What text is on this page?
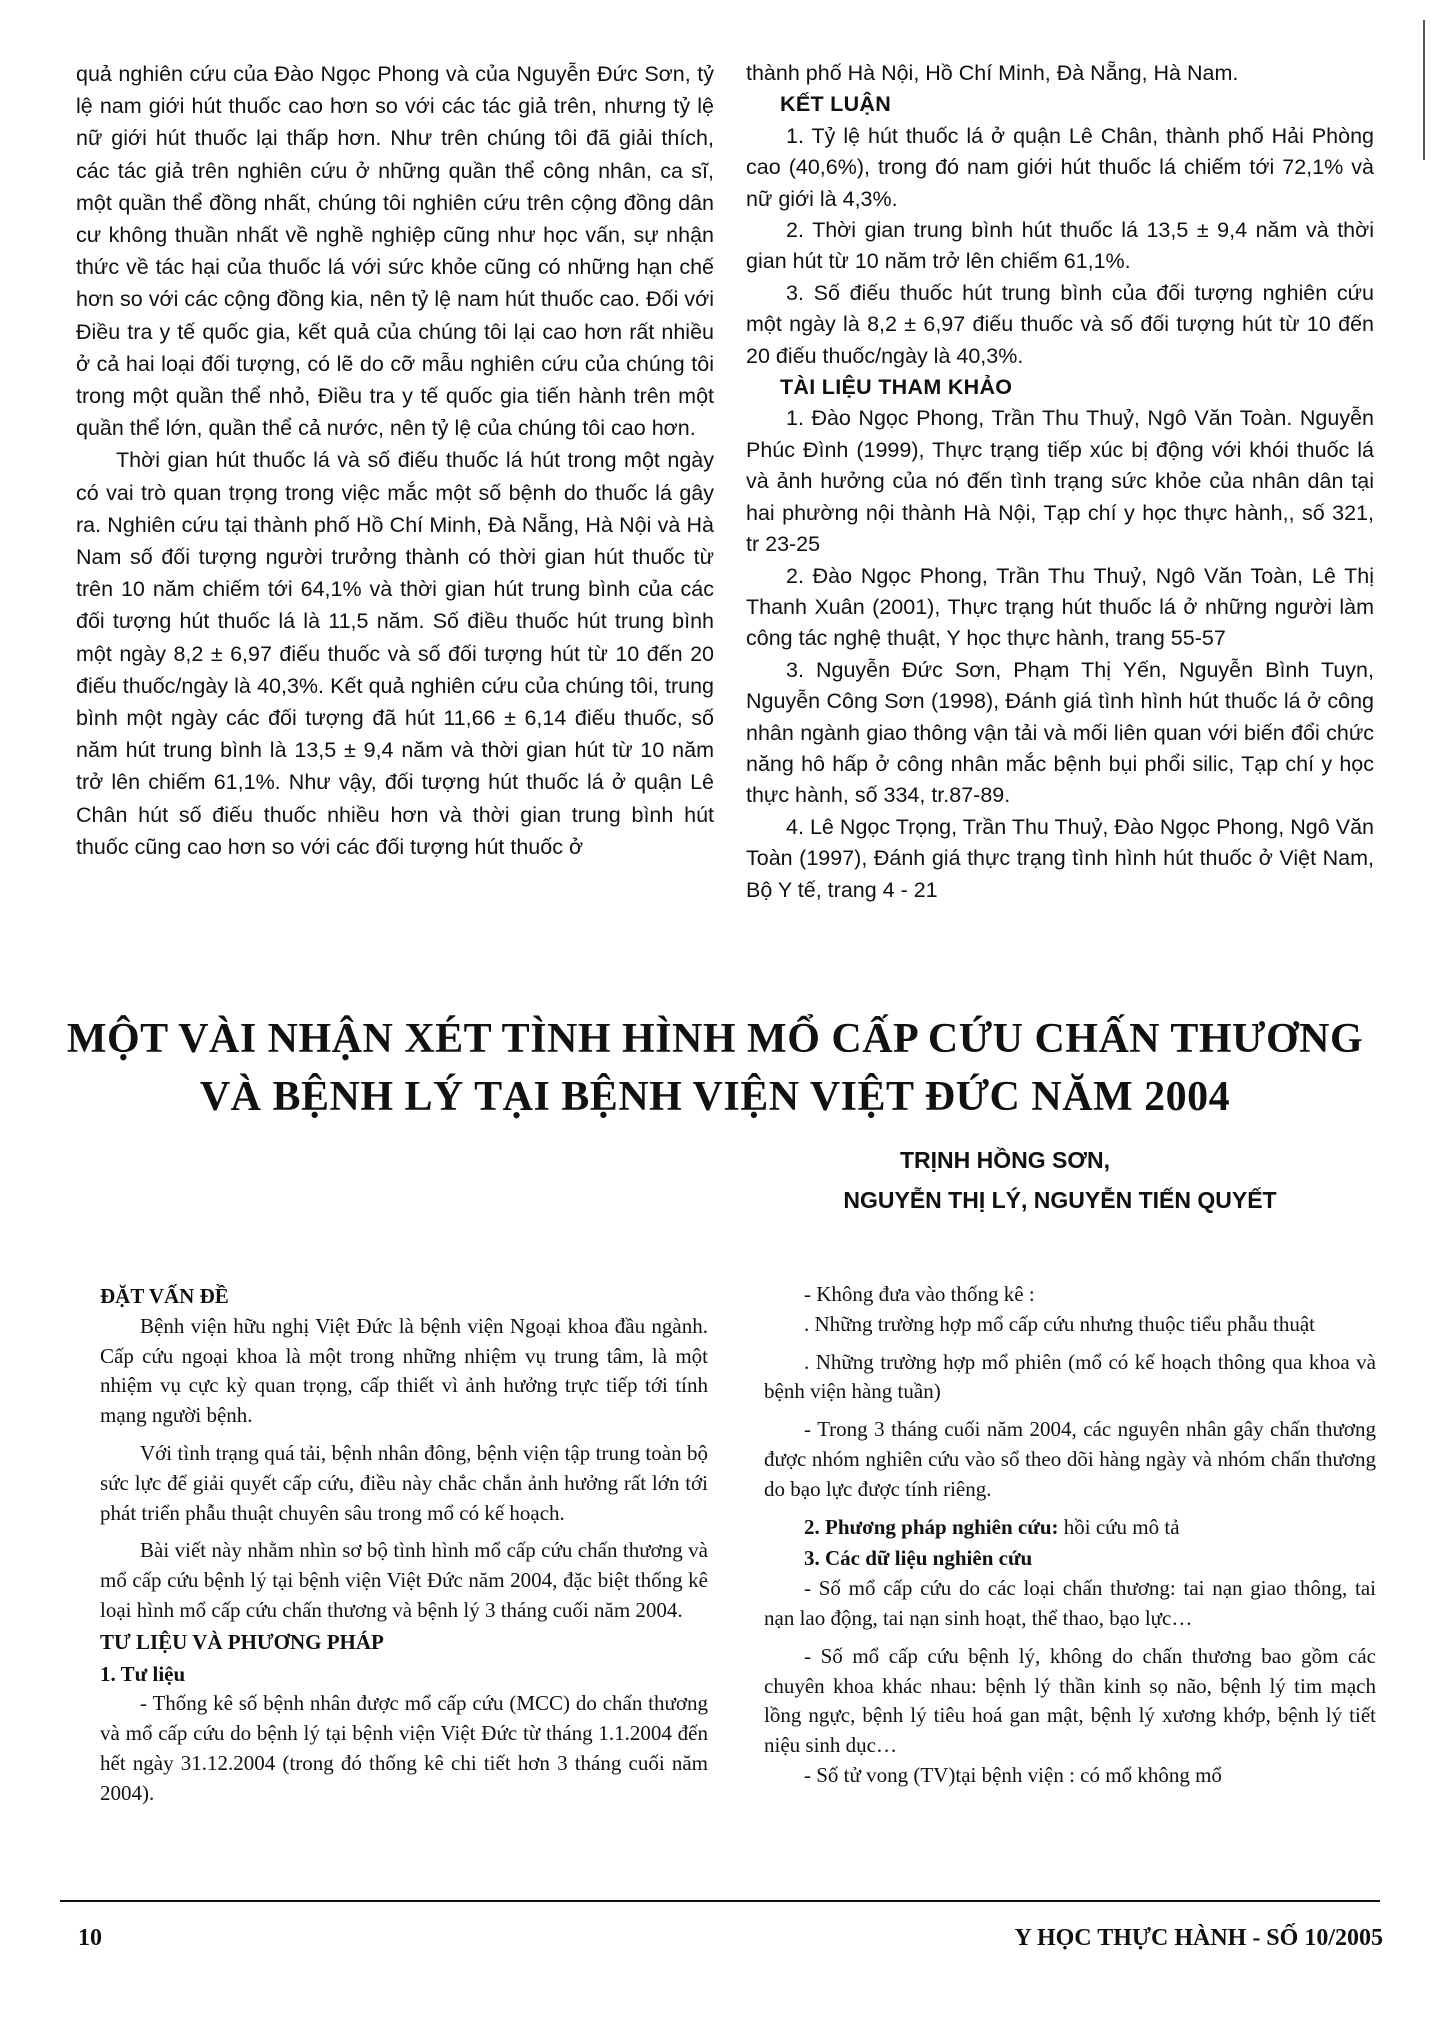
quả nghiên cứu của Đào Ngọc Phong và của Nguyễn Đức Sơn, tỷ lệ nam giới hút thuốc cao hơn so với các tác giả trên, nhưng tỷ lệ nữ giới hút thuốc lại thấp hơn. Như trên chúng tôi đã giải thích, các tác giả trên nghiên cứu ở những quần thể công nhân, ca sĩ, một quần thể đồng nhất, chúng tôi nghiên cứu trên cộng đồng dân cư không thuần nhất về nghề nghiệp cũng như học vấn, sự nhận thức về tác hại của thuốc lá với sức khỏe cũng có những hạn chế hơn so với các cộng đồng kia, nên tỷ lệ nam hút thuốc cao. Đối với Điều tra y tế quốc gia, kết quả của chúng tôi lại cao hơn rất nhiều ở cả hai loại đối tượng, có lẽ do cỡ mẫu nghiên cứu của chúng tôi trong một quần thể nhỏ, Điều tra y tế quốc gia tiến hành trên một quần thể lớn, quần thể cả nước, nên tỷ lệ của chúng tôi cao hơn.

Thời gian hút thuốc lá và số điếu thuốc lá hút trong một ngày có vai trò quan trọng trong việc mắc một số bệnh do thuốc lá gây ra. Nghiên cứu tại thành phố Hồ Chí Minh, Đà Nẵng, Hà Nội và Hà Nam số đối tượng người trưởng thành có thời gian hút thuốc từ trên 10 năm chiếm tới 64,1% và thời gian hút trung bình của các đối tượng hút thuốc lá là 11,5 năm. Số điều thuốc hút trung bình một ngày 8,2 ± 6,97 điếu thuốc và số đối tượng hút từ 10 đến 20 điếu thuốc/ngày là 40,3%. Kết quả nghiên cứu của chúng tôi, trung bình một ngày các đối tượng đã hút 11,66 ± 6,14 điếu thuốc, số năm hút trung bình là 13,5 ± 9,4 năm và thời gian hút từ 10 năm trở lên chiếm 61,1%. Như vậy, đối tượng hút thuốc lá ở quận Lê Chân hút số điếu thuốc nhiều hơn và thời gian trung bình hút thuốc cũng cao hơn so với các đối tượng hút thuốc ở

thành phố Hà Nội, Hồ Chí Minh, Đà Nẵng, Hà Nam.

KẾT LUẬN

1. Tỷ lệ hút thuốc lá ở quận Lê Chân, thành phố Hải Phòng cao (40,6%), trong đó nam giới hút thuốc lá chiếm tới 72,1% và nữ giới là 4,3%.

2. Thời gian trung bình hút thuốc lá 13,5 ± 9,4 năm và thời gian hút từ 10 năm trở lên chiếm 61,1%.

3. Số điếu thuốc hút trung bình của đối tượng nghiên cứu một ngày là 8,2 ± 6,97 điếu thuốc và số đối tượng hút từ 10 đến 20 điếu thuốc/ngày là 40,3%.

TÀI LIỆU THAM KHẢO

1. Đào Ngọc Phong, Trần Thu Thuỷ, Ngô Văn Toàn. Nguyễn Phúc Đình (1999), Thực trạng tiếp xúc bị động với khói thuốc lá và ảnh hưởng của nó đến tình trạng sức khỏe của nhân dân tại hai phường nội thành Hà Nội, Tạp chí y học thực hành,, số 321, tr 23-25

2. Đào Ngọc Phong, Trần Thu Thuỷ, Ngô Văn Toàn, Lê Thị Thanh Xuân (2001), Thực trạng hút thuốc lá ở những người làm công tác nghệ thuật, Y học thực hành, trang 55-57

3. Nguyễn Đức Sơn, Phạm Thị Yến, Nguyễn Bình Tuyn, Nguyễn Công Sơn (1998), Đánh giá tình hình hút thuốc lá ở công nhân ngành giao thông vận tải và mối liên quan với biến đổi chức năng hô hấp ở công nhân mắc bệnh bụi phổi silic, Tạp chí y học thực hành, số 334, tr.87-89.

4. Lê Ngọc Trọng, Trần Thu Thuỷ, Đào Ngọc Phong, Ngô Văn Toàn (1997), Đánh giá thực trạng tình hình hút thuốc ở Việt Nam, Bộ Y tế, trang 4 - 21

MỘT VÀI NHẬN XÉT TÌNH HÌNH MỔ CẤP CỨU CHẤN THƯƠNG
VÀ BỆNH LÝ TẠI BỆNH VIỆN VIỆT ĐỨC NĂM 2004
TRỊNH HỒNG SƠN,
NGUYỄN THỊ LÝ, NGUYỄN TIẾN QUYẾT

ĐẶT VẤN ĐỀ

Bệnh viện hữu nghị Việt Đức là bệnh viện Ngoại khoa đầu ngành. Cấp cứu ngoại khoa là một trong những nhiệm vụ trung tâm, là một nhiệm vụ cực kỳ quan trọng, cấp thiết vì ảnh hưởng trực tiếp tới tính mạng người bệnh.

Với tình trạng quá tải, bệnh nhân đông, bệnh viện tập trung toàn bộ sức lực để giải quyết cấp cứu, điều này chắc chắn ảnh hưởng rất lớn tới phát triển phẫu thuật chuyên sâu trong mổ có kế hoạch.

Bài viết này nhằm nhìn sơ bộ tình hình mổ cấp cứu chấn thương và mổ cấp cứu bệnh lý tại bệnh viện Việt Đức năm 2004, đặc biệt thống kê loại hình mổ cấp cứu chấn thương và bệnh lý 3 tháng cuối năm 2004.

TƯ LIỆU VÀ PHƯƠNG PHÁP

1. Tư liệu

- Thống kê số bệnh nhân được mổ cấp cứu (MCC) do chấn thương và mổ cấp cứu do bệnh lý tại bệnh viện Việt Đức từ tháng 1.1.2004 đến hết ngày 31.12.2004 (trong đó thống kê chi tiết hơn 3 tháng cuối năm 2004).

- Không đưa vào thống kê :

. Những trường hợp mổ cấp cứu nhưng thuộc tiểu phẫu thuật

. Những trường hợp mổ phiên (mổ có kế hoạch thông qua khoa và bệnh viện hàng tuần)

- Trong 3 tháng cuối năm 2004, các nguyên nhân gây chấn thương được nhóm nghiên cứu vào sổ theo dõi hàng ngày và nhóm chấn thương do bạo lực được tính riêng.

2. Phương pháp nghiên cứu: hồi cứu mô tả

3. Các dữ liệu nghiên cứu

- Số mổ cấp cứu do các loại chấn thương: tai nạn giao thông, tai nạn lao động, tai nạn sinh hoạt, thể thao, bạo lực…

- Số mổ cấp cứu bệnh lý, không do chấn thương bao gồm các chuyên khoa khác nhau: bệnh lý thần kinh sọ não, bệnh lý tim mạch lồng ngực, bệnh lý tiêu hoá gan mật, bệnh lý xương khớp, bệnh lý tiết niệu sinh dục…

- Số tử vong (TV)tại bệnh viện : có mổ không mổ

10	Y HỌC THỰC HÀNH - SỐ 10/2005
